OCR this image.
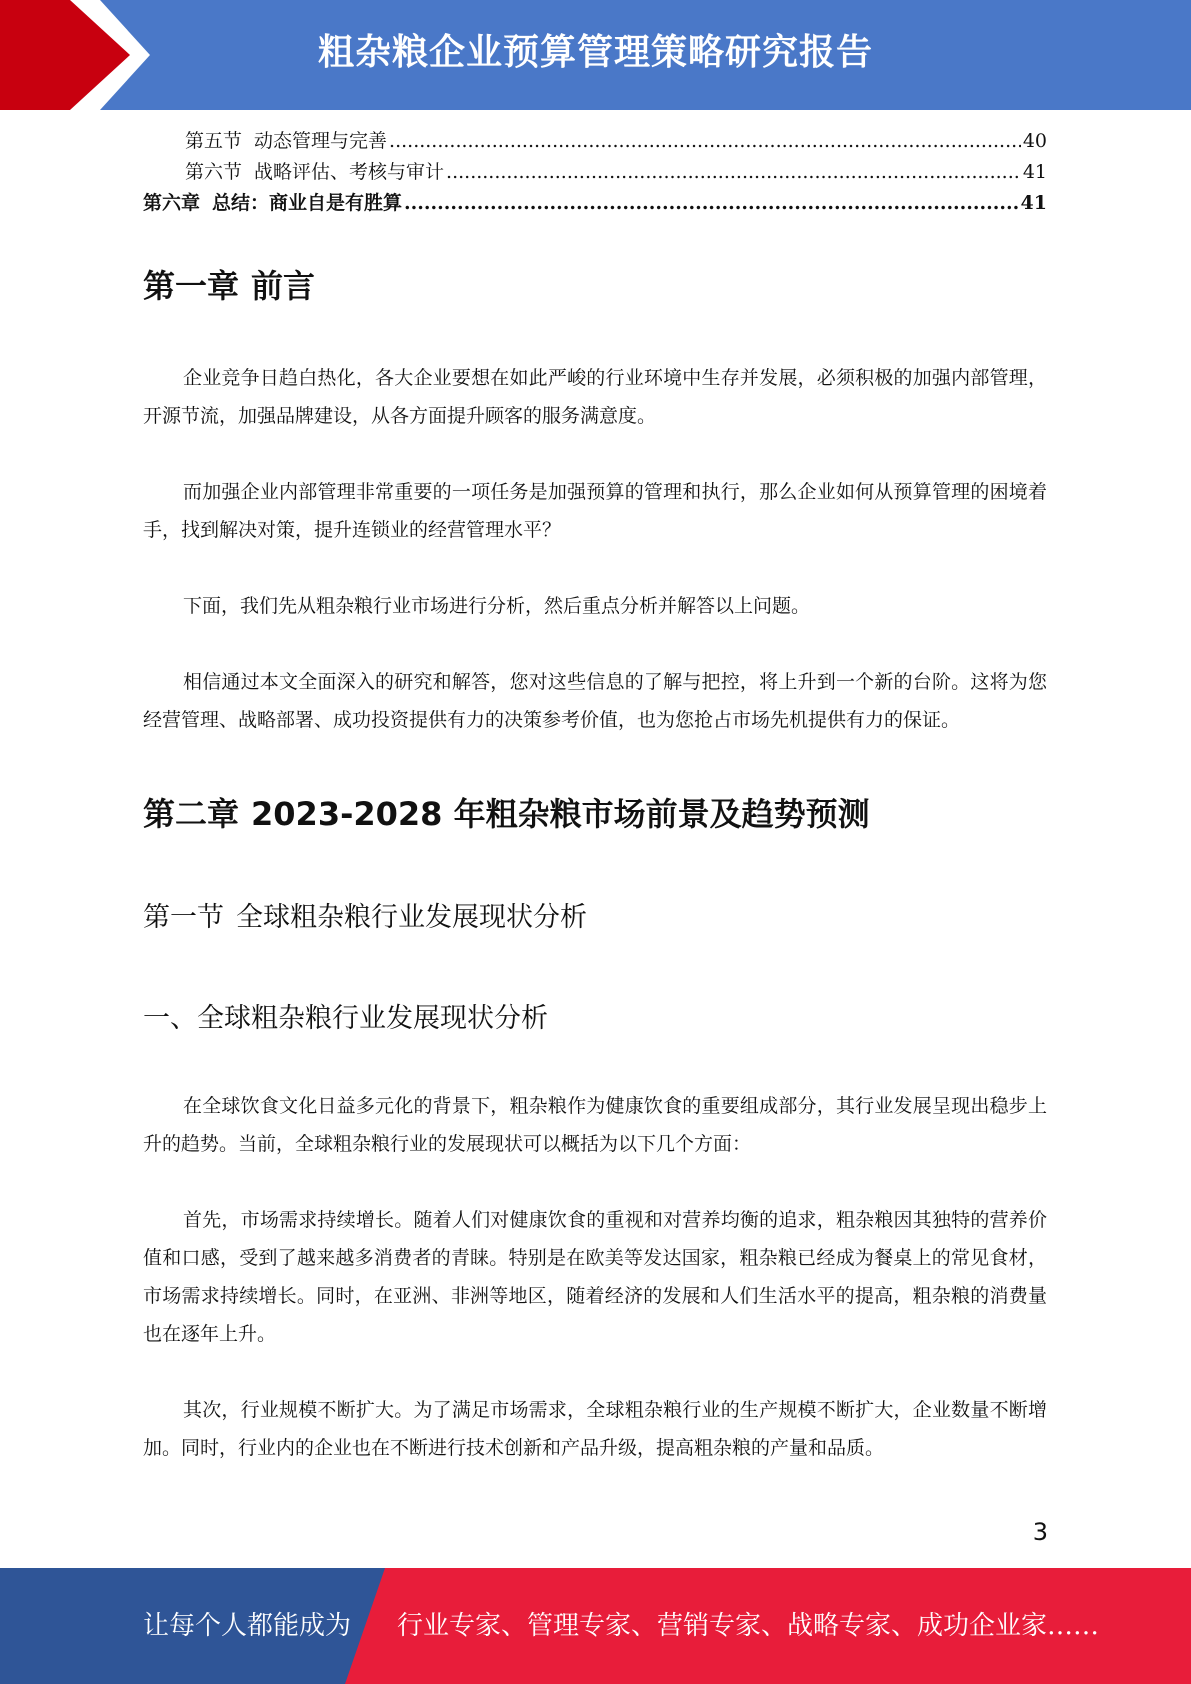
粗杂粮企业预算管理策略研究报告
第五节 动态管理与完善 .....	40
第六节 战略评估、考核与审计 .....	41
第六章 总结：商业自是有胜算 .....	41
第一章 前言

企业竞争日趋白热化，各大企业要想在如此严峻的行业环境中生存并发展，必须积极的加强内部管理，开源节流，加强品牌建设，从各方面提升顾客的服务满意度。

而加强企业内部管理非常重要的一项任务是加强预算的管理和执行，那么企业如何从预算管理的困境着手，找到解决对策，提升连锁业的经营管理水平？

下面，我们先从粗杂粮行业市场进行分析，然后重点分析并解答以上问题。

相信通过本文全面深入的研究和解答，您对这些信息的了解与把控，将上升到一个新的台阶。这将为您经营管理、战略部署、成功投资提供有力的决策参考价值，也为您抢占市场先机提供有力的保证。

第二章 2023-2028 年粗杂粮市场前景及趋势预测
第一节 全球粗杂粮行业发展现状分析
一、全球粗杂粮行业发展现状分析

在全球饮食文化日益多元化的背景下，粗杂粮作为健康饮食的重要组成部分，其行业发展呈现出稳步上升的趋势。当前，全球粗杂粮行业的发展现状可以概括为以下几个方面：

首先，市场需求持续增长。随着人们对健康饮食的重视和对营养均衡的追求，粗杂粮因其独特的营养价值和口感，受到了越来越多消费者的青睐。特别是在欧美等发达国家，粗杂粮已经成为餐桌上的常见食材，市场需求持续增长。同时，在亚洲、非洲等地区，随着经济的发展和人们生活水平的提高，粗杂粮的消费量也在逐年上升。

其次，行业规模不断扩大。为了满足市场需求，全球粗杂粮行业的生产规模不断扩大，企业数量不断增加。同时，行业内的企业也在不断进行技术创新和产品升级，提高粗杂粮的产量和品质。

3
让每个人都能成为 行业专家、管理专家、营销专家、战略专家、成功企业家……
